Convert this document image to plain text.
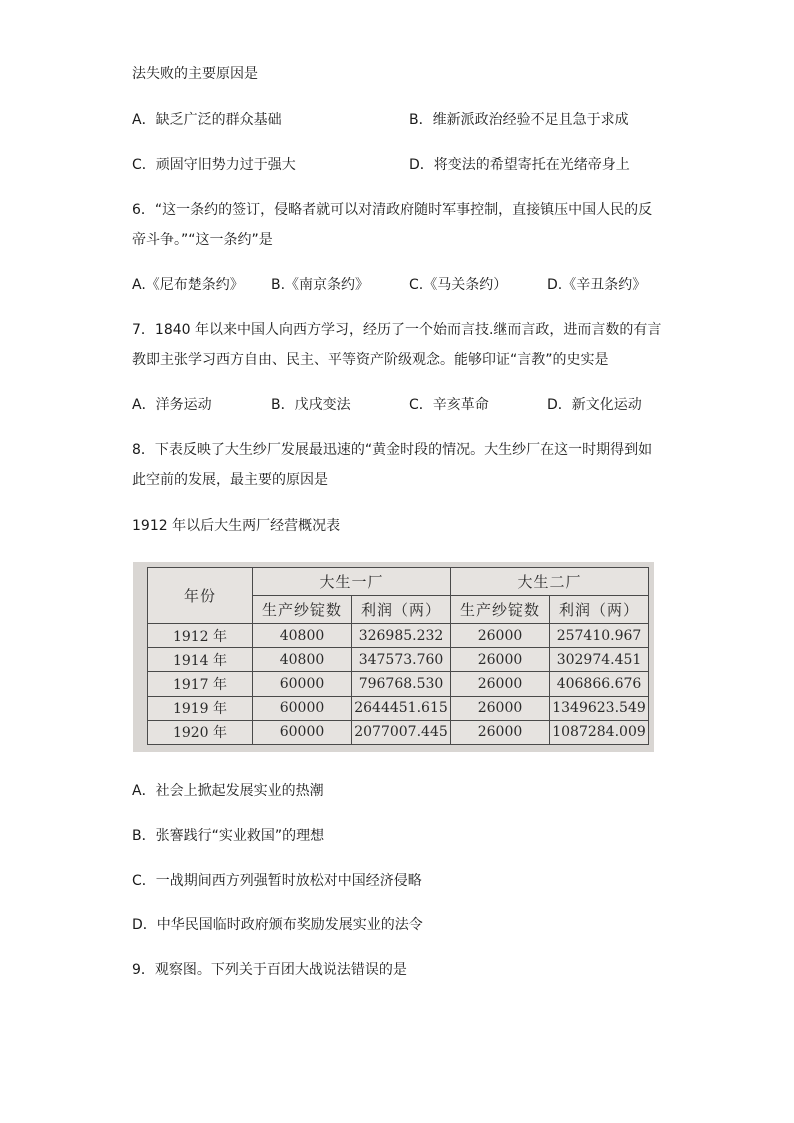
法失败的主要原因是
A．缺乏广泛的群众基础	B．维新派政治经验不足且急于求成
C．顽固守旧势力过于强大	D．将变法的希望寄托在光绪帝身上
6．“这一条约的签订，侵略者就可以对清政府随时军事控制，直接镇压中国人民的反
帝斗争。”“这一条约”是
A.《尼布楚条约》 B.《南京条约》	C.《马关条约）	D.《辛丑条约》
7．1840 年以来中国人向西方学习，经历了一个始而言技.继而言政，进而言数的有言
教即主张学习西方自由、民主、平等资产阶级观念。能够印证“言教”的史实是
A．洋务运动	B．戊戌变法	C．辛亥革命	D．新文化运动
8．下表反映了大生纱厂发展最迅速的“黄金时段的情况。大生纱厂在这一时期得到如
此空前的发展，最主要的原因是
1912 年以后大生两厂经营概况表
年份	大生一厂		大生二厂	
	生产纱锭数	利润（两）	生产纱锭数	利润（两）
1912 年	40800	326985.232	26000	257410.967
1914 年	40800	347573.760	26000	302974.451
1917 年	60000	796768.530	26000	406866.676
1919 年	60000	2644451.615	26000	1349623.549
1920 年	60000	2077007.445	26000	1087284.009
A．社会上掀起发展实业的热潮
B．张謇践行“实业救国”的理想
C．一战期间西方列强暂时放松对中国经济侵略
D．中华民国临时政府颁布奖励发展实业的法令
9．观察图。下列关于百团大战说法错误的是
